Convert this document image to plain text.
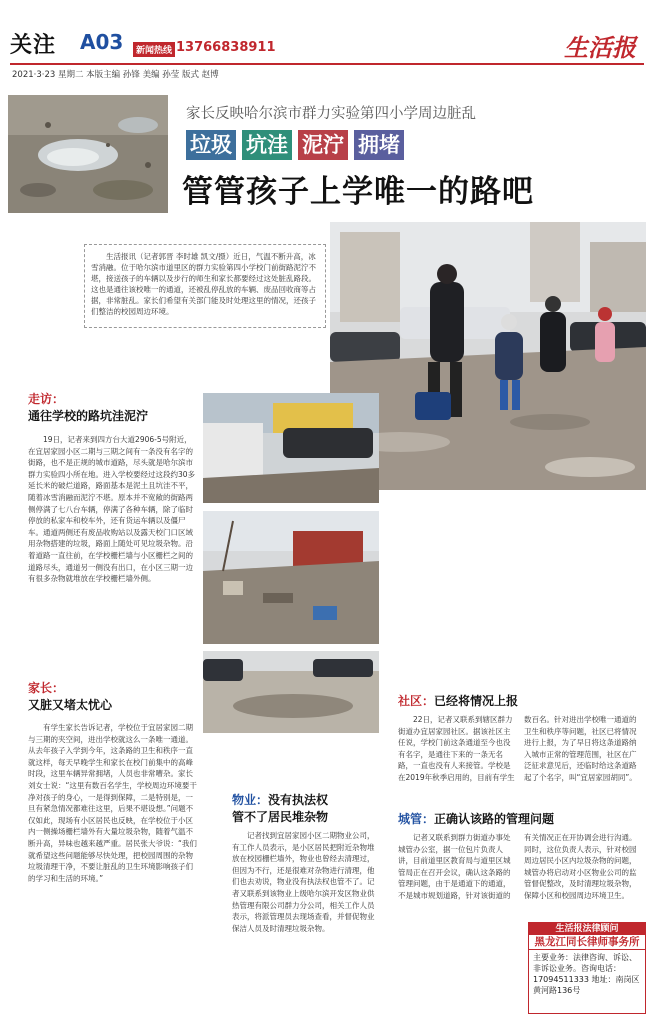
关注 A03	新闻热线 13766838911	生活报
2021·3·23 星期二 本版主编 孙锋 美编 孙莹 版式 赵博
家长反映哈尔滨市群力实验第四小学周边脏乱
垃圾 坑洼 泥泞 拥堵
管管孩子上学唯一的路吧
生活报讯（记者郭晋 李时雄 凯文/摄）近日，气温不断升高，冰雪消融。位于哈尔滨市道里区的群力实验第四小学校门前街路泥泞不堪，接送孩子的车辆以及步行的师生和家长都要经过这处脏乱路段。这也是通往该校唯一的通道，还被乱停乱放的车辆、废品回收商等占据，非常脏乱。家长们希望有关部门能及时处理这里的情况，还孩子们整洁的校园周边环境。
走访：
通往学校的路坑洼泥泞
19日，记者来到四方台大道2906-5号附近，在宜居家园小区二期与三期之间有一条没有名字的街路，也不是正规的城市道路，尽头就是哈尔滨市群力实验四小所在地。进入学校要经过这段约30多延长米的破烂道路，路面基本是泥土且坑洼不平，随着冰雪消融而泥泞不堪。原本并不宽敞的街路两侧停满了七八台车辆，停满了各种车辆，除了临时停放的私家车和校车外，还有货运车辆以及僵尸车。通道两侧还有废品收购站以及露天校门口区域用杂物搭建的垃圾，路面上随处可见垃圾杂物。沿着道路一直往前，在学校栅栏墙与小区栅栏之间的道路尽头，通道另一侧没有出口，在小区三期一边有很多杂物就堆放在学校栅栏墙外侧。
家长：
又脏又堵太忧心
有学生家长告诉记者，学校位于宜居家园二期与三期的夹空间，进出学校就这么一条唯一通道。从去年孩子入学到今年，这条路的卫生和秩序一直就这样，每天早晚学生和家长在校门前集中的高峰时段，这里车辆异常拥堵，人员也非常嘈杂。家长刘女士说：“这里有数百名学生，学校周边环境要干净对孩子的身心，一是得到保障，二是特别是，一旦有紧急情况都难往这里，后果不堪设想。”问题不仅如此，现场有小区居民也反映，在学校位于小区内一侧操场栅栏墙外有大量垃圾杂物，随着气温不断升高，异味也越来越严重。居民张大爷说：“我们就希望这些问题能够尽快处理，把校园周围的杂物垃圾清理干净，不要让脏乱的卫生环境影响孩子们的学习和生活的环境。”
物业：没有执法权
管不了居民堆杂物
记者找到宜居家园小区二期物业公司，有工作人员表示，是小区居民把附近杂物堆放在校园栅栏墙外，物业也曾经去清理过，但因为不行，还是很难对杂物进行清理，他们也去劝说，物业没有执法权也管不了。记者又联系到该物业上级哈尔滨开发区物业供热管理有限公司群力分公司，相关工作人员表示，将派管理员去现场查看，并督促物业保洁人员及时清理垃圾杂物。
社区：已经将情况上报
22日，记者又联系到辖区群力街道办宜居家园社区。据该社区主任说，学校门前这条通道至今也没有名字，是通往下来的一条无名路，一直也没有人来接管。学校是在2019年秋季启用的，目前有学生数百名。针对进出学校唯一通道的卫生和秩序等问题，社区已将情况进行上报，为了早日将这条道路纳入城市正常的管理范围，社区在广泛征求意见后，还临时给这条道路起了个名字，叫“宜居家园胡同”。
城管：正确认该路的管理问题
记者又联系到群力街道办事处城管办公室，据一位包片负责人讲，目前道里区教育局与道里区城管局正在召开会议，确认这条路的管理问题，由于是通道下的通道，不是城市规划道路，针对该街道的有关情况正在开协调会进行沟通。同时，这位负责人表示，针对校园周边居民小区内垃圾杂物的问题，城管办将启动对小区物业公司的监管督促整改，及时清理垃圾杂物，保障小区和校园周边环境卫生。
生活报法律顾问
黑龙江同长律师事务所
主要业务：法律咨询、诉讼、非诉讼业务。咨询电话：17094511333 地址：南岗区黄河路136号
